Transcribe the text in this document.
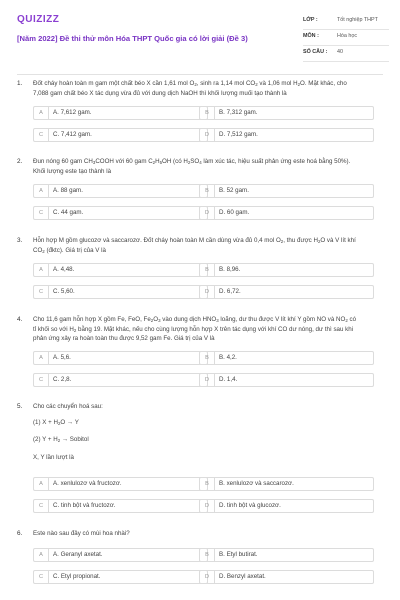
QUIZIZZ
[Năm 2022] Đề thi thử môn Hóa THPT Quốc gia có lời giải (Đề 3)
LỚP :	Tốt nghiệp THPT
MÔN :	Hóa học
SỐ CÂU : 40
1. Đốt cháy hoàn toàn m gam một chất béo X cần 1,61 mol $O_2$, sinh ra 1,14 mol $CO_2$ và 1,06 mol $H_2O$. Mặt khác, cho
7,088 gam chất béo X tác dụng vừa đủ với dung dịch NaOH thì khối lượng muối tạo thành là
A	A. 7,612 gam.	B	B. 7,312 gam.
C	C. 7,412 gam.	D	D. 7,512 gam.
2. Đun nóng 60 gam $CH_3COOH$ với 60 gam $C_2H_5OH$ (có $H_2SO_4$ làm xúc tác, hiệu suất phản ứng este hoá bằng 50%).
Khối lượng este tạo thành là
A	A. 88 gam.	B	B. 52 gam.
C	C. 44 gam.	D	D. 60 gam.
3. Hỗn hợp M gồm glucozơ và saccarozơ. Đốt cháy hoàn toàn M cần dùng vừa đủ 0,4 mol $O_2$, thu được $H_2O$ và V lít khí
$CO_2$ (đktc). Giá trị của V là
A	A. 4,48.	B	B. 8,96.
C	C. 5,60.	D	D. 6,72.
4. Cho 11,6 gam hỗn hợp X gồm Fe, FeO, $Fe_2O_3$ vào dung dịch $HNO_3$ loãng, dư thu được V lít khí Y gồm NO và $NO_2$ có
tỉ khối so với $H_2$ bằng 19. Mặt khác, nếu cho cùng lượng hỗn hợp X trên tác dụng với khí CO dư nóng, dư thì sau khi
phản ứng xảy ra hoàn toàn thu được 9,52 gam Fe. Giá trị của V là
A	A. 5,6.	B	B. 4,2.
C	C. 2,8.	D	D. 1,4.
5. Cho các chuyển hoá sau:
(1) $X + H_2O \to Y$
(2) $Y + H_2$ → Sobitol
X, Y lần lượt là
A	A. xenlulozơ và fructozơ.	B	B. xenlulozơ và saccarozơ.
C	C. tinh bột và fructozơ.	D	D. tinh bột và glucozơ.
6. Este nào sau đây có mùi hoa nhài?
A	A. Geranyl axetat.	B	B. Etyl butirat.
C	C. Etyl propionat.	D	D. Benzyl axetat.
